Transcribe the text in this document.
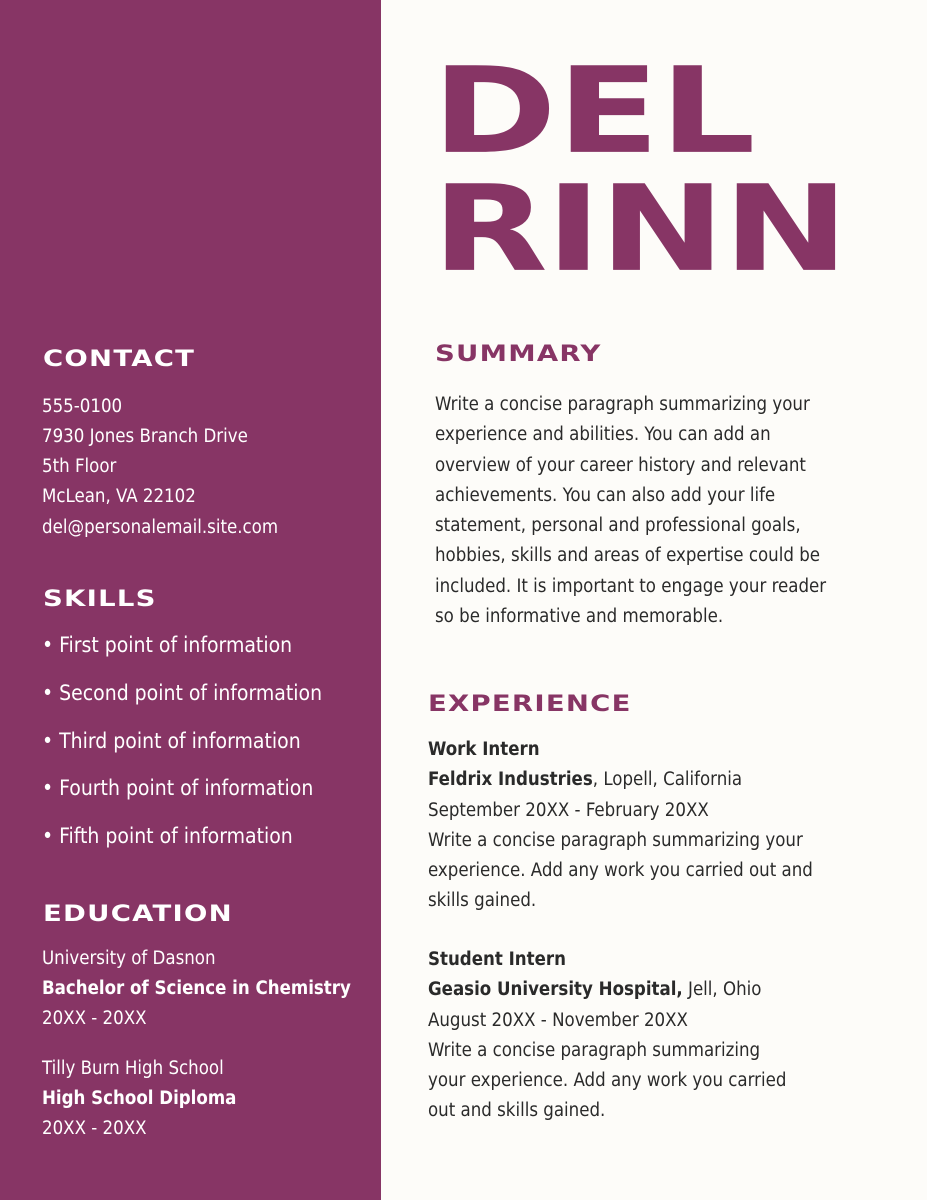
DEL
RINN
CONTACT
555-0100
7930 Jones Branch Drive
5th Floor
McLean, VA 22102
del@personalemail.site.com
SKILLS
• First point of information
• Second point of information
• Third point of information
• Fourth point of information
• Fifth point of information
EDUCATION
University of Dasnon
Bachelor of Science in Chemistry
20XX - 20XX
Tilly Burn High School
High School Diploma
20XX - 20XX
SUMMARY
Write a concise paragraph summarizing your
experience and abilities. You can add an
overview of your career history and relevant
achievements. You can also add your life
statement, personal and professional goals,
hobbies, skills and areas of expertise could be
included. It is important to engage your reader
so be informative and memorable.
EXPERIENCE
Work Intern
Feldrix Industries, Lopell, California
September 20XX - February 20XX
Write a concise paragraph summarizing your
experience. Add any work you carried out and
skills gained.
Student Intern
Geasio University Hospital, Jell, Ohio
August 20XX - November 20XX
Write a concise paragraph summarizing
your experience. Add any work you carried
out and skills gained.
